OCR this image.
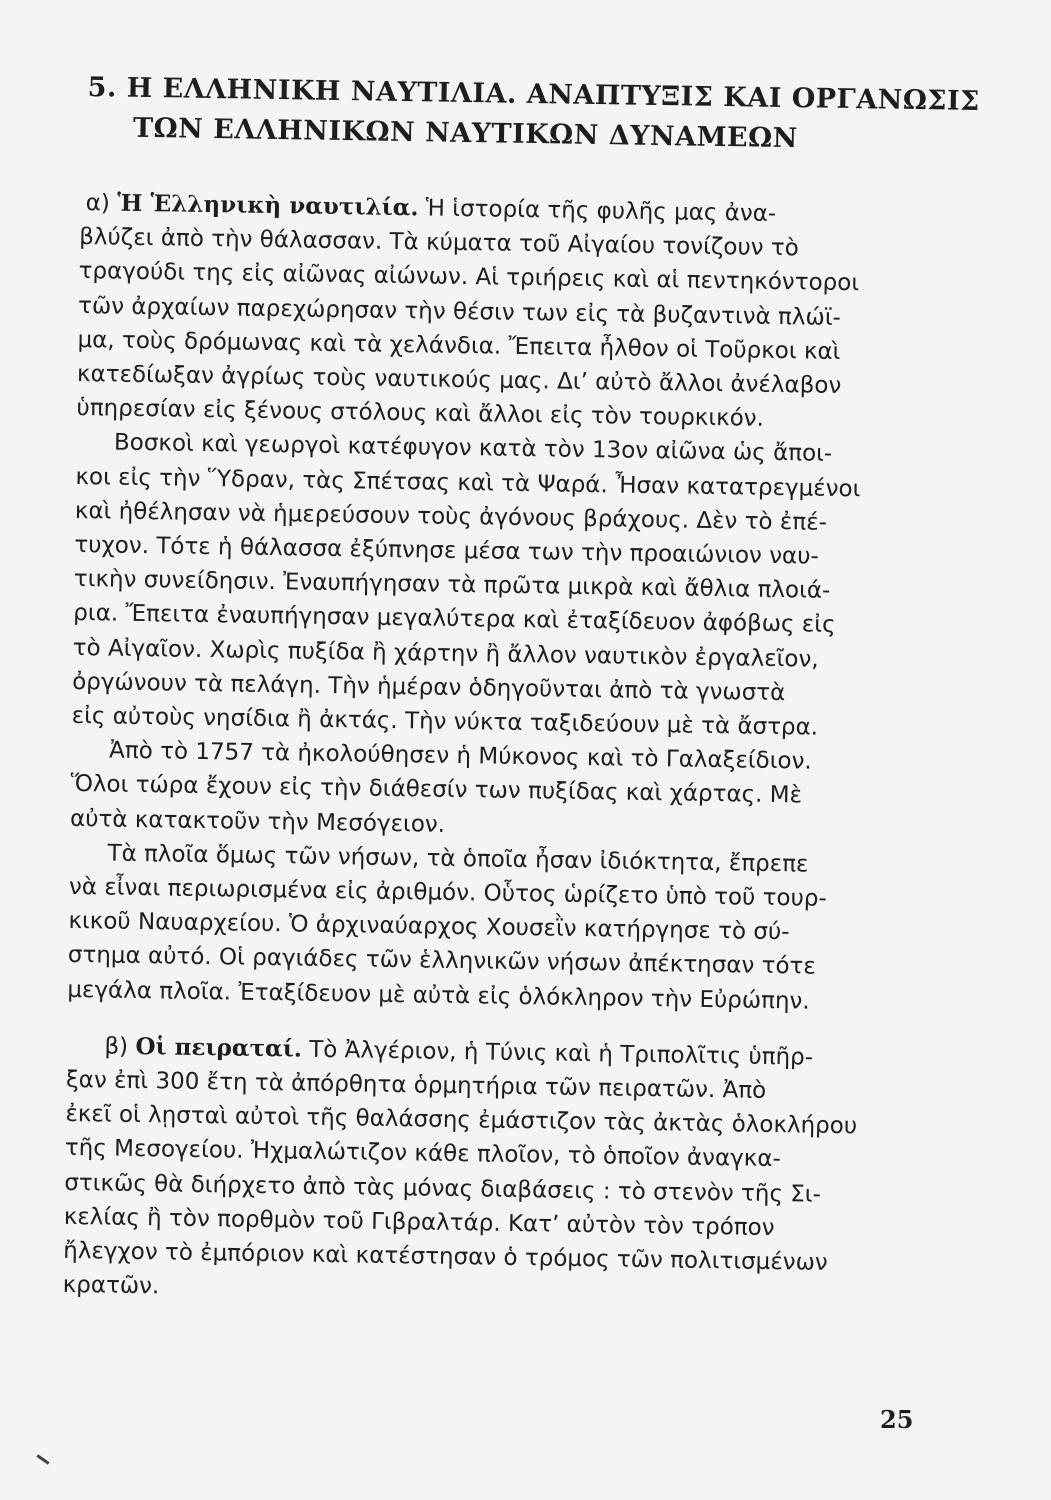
5. Η ΕΛΛΗΝΙΚΗ ΝΑΥΤΙΛΙΑ. ΑΝΑΠΤΥΞΙΣ ΚΑΙ ΟΡΓΑΝΩΣΙΣ
ΤΩΝ ΕΛΛΗΝΙΚΩΝ ΝΑΥΤΙΚΩΝ ΔΥΝΑΜΕΩΝ
α) Ἡ Ἑλληνικὴ ναυτιλία. Ἡ ἱστορία τῆς φυλῆς μας ἀνα-
βλύζει ἀπὸ τὴν θάλασσαν. Τὰ κύματα τοῦ Αἰγαίου τονίζουν τὸ
τραγούδι της εἰς αἰῶνας αἰώνων. Αἱ τριήρεις καὶ αἱ πεντηκόντοροι
τῶν ἀρχαίων παρεχώρησαν τὴν θέσιν των εἰς τὰ βυζαντινὰ πλώϊ-
μα, τοὺς δρόμωνας καὶ τὰ χελάνδια. Ἔπειτα ἦλθον οἱ Τοῦρκοι καὶ
κατεδίωξαν ἀγρίως τοὺς ναυτικούς μας. Δι’ αὐτὸ ἄλλοι ἀνέλαβον
ὑπηρεσίαν εἰς ξένους στόλους καὶ ἄλλοι εἰς τὸν τουρκικόν.
Βοσκοὶ καὶ γεωργοὶ κατέφυγον κατὰ τὸν 13ον αἰῶνα ὡς ἄποι-
κοι εἰς τὴν Ὕδραν, τὰς Σπέτσας καὶ τὰ Ψαρά. Ἦσαν κατατρεγμένοι
καὶ ἠθέλησαν νὰ ἡμερεύσουν τοὺς ἀγόνους βράχους. Δὲν τὸ ἐπέ-
τυχον. Τότε ἡ θάλασσα ἐξύπνησε μέσα των τὴν προαιώνιον ναυ-
τικὴν συνείδησιν. Ἐναυπήγησαν τὰ πρῶτα μικρὰ καὶ ἄθλια πλοιά-
ρια. Ἔπειτα ἐναυπήγησαν μεγαλύτερα καὶ ἐταξίδευον ἀφόβως εἰς
τὸ Αἰγαῖον. Χωρὶς πυξίδα ἢ χάρτην ἢ ἄλλον ναυτικὸν ἐργαλεῖον,
ὀργώνουν τὰ πελάγη. Τὴν ἡμέραν ὁδηγοῦνται ἀπὸ τὰ γνωστὰ
εἰς αὐτοὺς νησίδια ἢ ἀκτάς. Τὴν νύκτα ταξιδεύουν μὲ τὰ ἄστρα.
Ἀπὸ τὸ 1757 τὰ ἠκολούθησεν ἡ Μύκονος καὶ τὸ Γαλαξείδιον.
Ὅλοι τώρα ἔχουν εἰς τὴν διάθεσίν των πυξίδας καὶ χάρτας. Μὲ
αὐτὰ κατακτοῦν τὴν Μεσόγειον.
Τὰ πλοῖα ὅμως τῶν νήσων, τὰ ὁποῖα ἦσαν ἰδιόκτητα, ἔπρεπε
νὰ εἶναι περιωρισμένα εἰς ἀριθμόν. Οὗτος ὡρίζετο ὑπὸ τοῦ τουρ-
κικοῦ Ναυαρχείου. Ὁ ἀρχιναύαρχος Χουσεῒν κατήργησε τὸ σύ-
στημα αὐτό. Οἱ ραγιάδες τῶν ἑλληνικῶν νήσων ἀπέκτησαν τότε
μεγάλα πλοῖα. Ἐταξίδευον μὲ αὐτὰ εἰς ὁλόκληρον τὴν Εὐρώπην.
β) Οἱ πειραταί. Τὸ Ἀλγέριον, ἡ Τύνις καὶ ἡ Τριπολῖτις ὑπῆρ-
ξαν ἐπὶ 300 ἔτη τὰ ἀπόρθητα ὁρμητήρια τῶν πειρατῶν. Ἀπὸ
ἐκεῖ οἱ λῃσταὶ αὐτοὶ τῆς θαλάσσης ἐμάστιζον τὰς ἀκτὰς ὁλοκλήρου
τῆς Μεσογείου. Ἠχμαλώτιζον κάθε πλοῖον, τὸ ὁποῖον ἀναγκα-
στικῶς θὰ διήρχετο ἀπὸ τὰς μόνας διαβάσεις : τὸ στενὸν τῆς Σι-
κελίας ἢ τὸν πορθμὸν τοῦ Γιβραλτάρ. Κατ’ αὐτὸν τὸν τρόπον
ἤλεγχον τὸ ἐμπόριον καὶ κατέστησαν ὁ τρόμος τῶν πολιτισμένων
κρατῶν.
25
